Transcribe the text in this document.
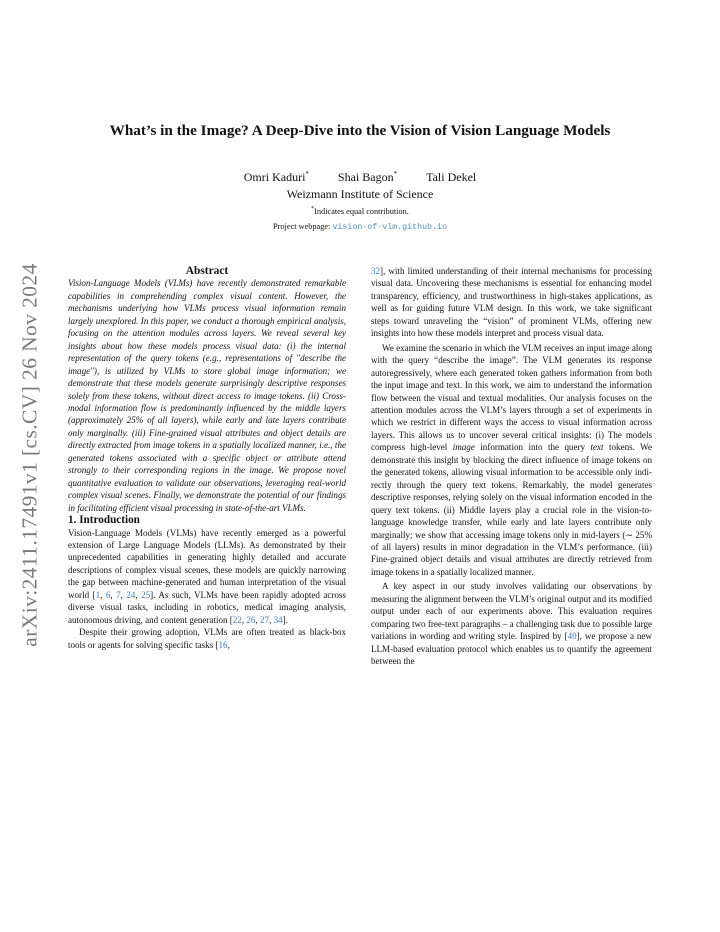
arXiv:2411.17491v1 [cs.CV] 26 Nov 2024
What’s in the Image? A Deep-Dive into the Vision of Vision Language Models
Omri Kaduri* Shai Bagon* Tali Dekel
Weizmann Institute of Science
*Indicates equal contribution.
Project webpage: vision-of-vlm.github.io

Abstract

Vision-Language Models (VLMs) have recently demonstrated remarkable capabilities in comprehending complex visual content. However, the mechanisms underlying how VLMs process visual information remain largely unexplored. In this paper, we conduct a thorough empirical analysis, focusing on the attention modules across layers. We reveal several key insights about how these models process visual data: (i) the internal representation of the query tokens (e.g., representations of "describe the image"), is utilized by VLMs to store global image information; we demonstrate that these models generate surprisingly descriptive responses solely from these tokens, without direct access to image tokens. (ii) Cross-modal information flow is predominantly influenced by the middle layers (approximately 25% of all layers), while early and late layers contribute only marginally. (iii) Fine-grained visual attributes and object details are directly extracted from image tokens in a spatially localized manner, i.e., the generated tokens associated with a specific object or attribute attend strongly to their corresponding regions in the image. We propose novel quantitative evaluation to validate our observations, leveraging real-world complex visual scenes. Finally, we demonstrate the potential of our findings in facilitating efficient visual processing in state-of-the-art VLMs.

1. Introduction

Vision-Language Models (VLMs) have recently emerged as a powerful extension of Large Language Models (LLMs). As demonstrated by their unprecedented capabilities in generating highly detailed and accurate descriptions of complex visual scenes, these models are quickly narrowing the gap between machine-generated and human interpretation of the visual world [1, 6, 7, 24, 25]. As such, VLMs have been rapidly adopted across diverse visual tasks, including in robotics, medical imaging analysis, autonomous driving, and content generation [22, 26, 27, 34].

Despite their growing adoption, VLMs are often treated as black-box tools or agents for solving specific tasks [16,

32], with limited understanding of their internal mechanisms for processing visual data. Uncovering these mechanisms is essential for enhancing model transparency, efficiency, and trustworthiness in high-stakes applications, as well as for guiding future VLM design. In this work, we take significant steps toward unraveling the “vision” of prominent VLMs, offering new insights into how these models interpret and process visual data.

We examine the scenario in which the VLM receives an input image along with the query “describe the image”. The VLM generates its response autoregressively, where each generated token gathers information from both the input image and text. In this work, we aim to understand the information flow between the visual and textual modalities. Our analysis focuses on the attention modules across the VLM’s layers through a set of experiments in which we restrict in different ways the access to visual information across layers. This allows us to uncover several critical insights: (i) The models compress high-level image information into the query text tokens. We demonstrate this insight by blocking the direct influence of image tokens on the generated tokens, allowing visual information to be accessible only indirectly through the query text tokens. Remarkably, the model generates descriptive responses, relying solely on the visual information encoded in the query text tokens. (ii) Middle layers play a crucial role in the vision-to-language knowledge transfer, while early and late layers contribute only marginally; we show that accessing image tokens only in mid-layers (∼ 25% of all layers) results in minor degradation in the VLM’s performance. (iii) Fine-grained object details and visual attributes are directly retrieved from image tokens in a spatially localized manner.

A key aspect in our study involves validating our observations by measuring the alignment between the VLM’s original output and its modified output under each of our experiments above. This evaluation requires comparing two free-text paragraphs – a challenging task due to possible large variations in wording and writing style. Inspired by [40], we propose a new LLM-based evaluation protocol which enables us to quantify the agreement between the
